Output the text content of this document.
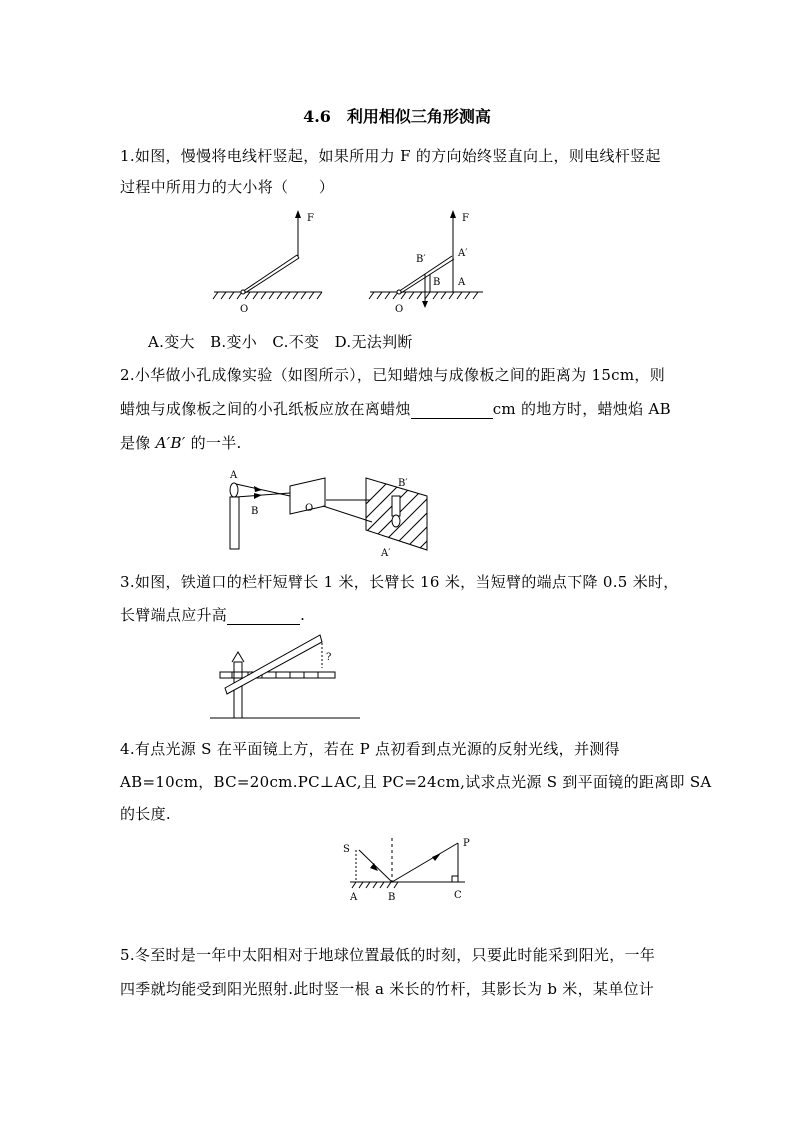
4.6　利用相似三角形测高
1.如图，慢慢将电线杆竖起，如果所用力 F 的方向始终竖直向上，则电线杆竖起
过程中所用力的大小将（　　）
F
O
F
A′
B′
B A
O
A.变大　B.变小　C.不变　D.无法判断
2.小华做小孔成像实验（如图所示），已知蜡烛与成像板之间的距离为 15cm，则
蜡烛与成像板之间的小孔纸板应放在离蜡烛	cm 的地方时，蜡烛焰 AB
是像 A′B′ 的一半.
A
B	O
B′
A′
3.如图，铁道口的栏杆短臂长 1 米，长臂长 16 米，当短臂的端点下降 0.5 米时，
长臂端点应升高	.
?
4.有点光源 S 在平面镜上方，若在 P 点初看到点光源的反射光线，并测得
AB=10cm，BC=20cm.PC⊥AC,且 PC=24cm,试求点光源 S 到平面镜的距离即 SA
的长度.
S
P
A	B	C
5.冬至时是一年中太阳相对于地球位置最低的时刻，只要此时能采到阳光，一年
四季就均能受到阳光照射.此时竖一根 a 米长的竹杆，其影长为 b 米，某单位计
